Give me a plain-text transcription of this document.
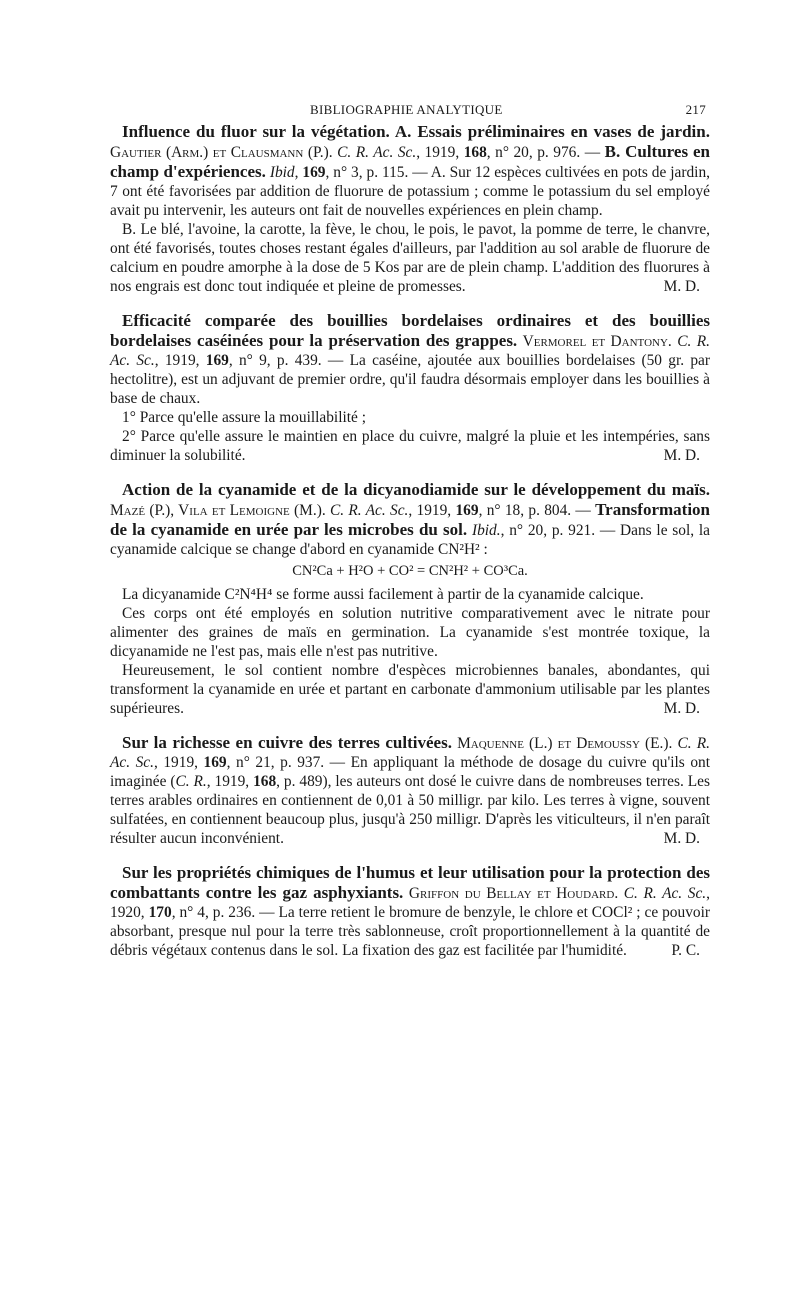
BIBLIOGRAPHIE ANALYTIQUE	217

Influence du fluor sur la végétation. A. Essais préliminaires en vases de jardin. Gautier (Arm.) et Clausmann (P.). C. R. Ac. Sc., 1919, 168, n° 20, p. 976. — B. Cultures en champ d'expériences. Ibid, 169, n° 3, p. 115. — A. Sur 12 espèces cultivées en pots de jardin, 7 ont été favorisées par addition de fluorure de potassium ; comme le potassium du sel employé avait pu intervenir, les auteurs ont fait de nouvelles expériences en plein champ.

B. Le blé, l'avoine, la carotte, la fève, le chou, le pois, le pavot, la pomme de terre, le chanvre, ont été favorisés, toutes choses restant égales d'ailleurs, par l'addition au sol arable de fluorure de calcium en poudre amorphe à la dose de 5 Kos par are de plein champ. L'addition des fluorures à nos engrais est donc tout indiquée et pleine de promesses.	M. D.

Efficacité comparée des bouillies bordelaises ordinaires et des bouillies bordelaises caséinées pour la préservation des grappes. Vermorel et Dantony. C. R. Ac. Sc., 1919, 169, n° 9, p. 439. — La caséine, ajoutée aux bouillies bordelaises (50 gr. par hectolitre), est un adjuvant de premier ordre, qu'il faudra désormais employer dans les bouillies à base de chaux.

1° Parce qu'elle assure la mouillabilité ;

2° Parce qu'elle assure le maintien en place du cuivre, malgré la pluie et les intempéries, sans diminuer la solubilité.	M. D.

Action de la cyanamide et de la dicyanodiamide sur le développement du maïs. Mazé (P.), Vila et Lemoigne (M.). C. R. Ac. Sc., 1919, 169, n° 18, p. 804. — Transformation de la cyanamide en urée par les microbes du sol. Ibid., n° 20, p. 921. — Dans le sol, la cyanamide calcique se change d'abord en cyanamide CN²H² :

CN²Ca + H²O + CO² = CN²H² + CO³Ca.

La dicyanamide C²N⁴H⁴ se forme aussi facilement à partir de la cyanamide calcique.

Ces corps ont été employés en solution nutritive comparativement avec le nitrate pour alimenter des graines de maïs en germination. La cyanamide s'est montrée toxique, la dicyanamide ne l'est pas, mais elle n'est pas nutritive.

Heureusement, le sol contient nombre d'espèces microbiennes banales, abondantes, qui transforment la cyanamide en urée et partant en carbonate d'ammonium utilisable par les plantes supérieures.	M. D.

Sur la richesse en cuivre des terres cultivées. Maquenne (L.) et Demoussy (E.). C. R. Ac. Sc., 1919, 169, n° 21, p. 937. — En appliquant la méthode de dosage du cuivre qu'ils ont imaginée (C. R., 1919, 168, p. 489), les auteurs ont dosé le cuivre dans de nombreuses terres. Les terres arables ordinaires en contiennent de 0,01 à 50 milligr. par kilo. Les terres à vigne, souvent sulfatées, en contiennent beaucoup plus, jusqu'à 250 milligr. D'après les viticulteurs, il n'en paraît résulter aucun inconvénient.	M. D.

Sur les propriétés chimiques de l'humus et leur utilisation pour la protection des combattants contre les gaz asphyxiants. Griffon du Bellay et Houdard. C. R. Ac. Sc., 1920, 170, n° 4, p. 236. — La terre retient le bromure de benzyle, le chlore et COCl² ; ce pouvoir absorbant, presque nul pour la terre très sablonneuse, croît proportionnellement à la quantité de débris végétaux contenus dans le sol. La fixation des gaz est facilitée par l'humidité.	P. C.
